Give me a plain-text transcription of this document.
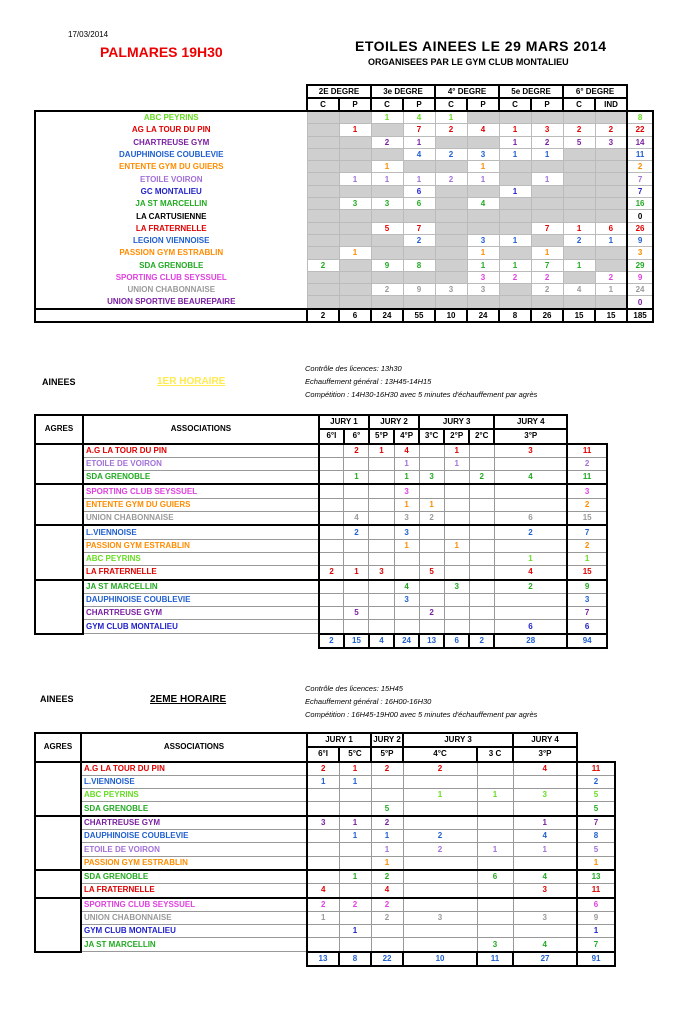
17/03/2014
PALMARES 19H30	ETOILES AINEES LE 29 MARS 2014
ORGANISEES PAR LE GYM CLUB MONTALIEU
	2E DEGRE		3e DEGRE		4° DEGRE		5e DEGRE		6° DEGRE		
	C	P	C	P	C	P	C	P	C	IND	
ABC PEYRINS			1	4	1						8
AG LA TOUR DU PIN		1		7	2	4	1	3	2	2	22
CHARTREUSE GYM			2	1			1	2	5	3	14
DAUPHINOISE COUBLEVIE				4	2	3	1	1			11
ENTENTE GYM DU GUIERS			1			1					2
ETOILE VOIRON		1	1	1	2	1		1			7
GC MONTALIEU				6			1				7
JA ST MARCELLIN		3	3	6		4					16
LA CARTUSIENNE											0
LA FRATERNELLE			5	7				7	1	6	26
LEGION VIENNOISE				2		3	1		2	1	9
PASSION GYM ESTRABLIN		1				1		1			3
SDA GRENOBLE	2		9	8		1	1	7	1		29
SPORTING CLUB SEYSSUEL						3	2	2		2	9
UNION CHABONNAISE			2	9	3	3		2	4	1	24
UNION SPORTIVE BEAUREPAIRE											0
	2	6	24	55	10	24	8	26	15	15	185
Contrôle des licences: 13h30
Echauffement général : 13H45-14H15
Compétition : 14H30-16H30 avec 5 minutes d'échauffement par agrès
AINEES	1ER HORAIRE
AGRES	ASSOCIATIONS	JURY 1		JURY 2		JURY 3			JURY 4	
		6°I	6°	5°P	4°P	3°C	2°P	2°C	3°P	
	A.G LA TOUR DU PIN		2	1	4		1		3	11
	ETOILE DE VOIRON				1		1			2
	SDA GRENOBLE		1		1	3		2	4	11
	SPORTING CLUB SEYSSUEL				3					3
	ENTENTE GYM DU GUIERS				1	1				2
	UNION CHABONNAISE		4		3	2			6	15
	L.VIENNOISE		2		3				2	7
	PASSION GYM ESTRABLIN				1		1			2
	ABC PEYRINS								1	1
	LA FRATERNELLE	2	1	3		5			4	15
	JA ST MARCELLIN				4		3		2	9
	DAUPHINOISE COUBLEVIE				3					3
	CHARTREUSE GYM		5			2				7
	GYM CLUB MONTALIEU								6	6
		2	15	4	24	13	6	2	28	94
Contrôle des licences: 15H45
Echauffement général : 16H00-16H30
Compétition : 16H45-19H00 avec 5 minutes d'échauffement par agrès
AINEES	2EME HORAIRE
AGRES	ASSOCIATIONS	JURY 1		JURY 2	JURY 3		JURY 4	
		6°I	5°C	5°P	4°C	3 C	3°P	
	A.G LA TOUR DU PIN	2	1	2	2		4	11
	L.VIENNOISE	1	1					2
	ABC PEYRINS				1	1	3	5
	SDA GRENOBLE			5				5
	CHARTREUSE GYM	3	1	2			1	7
	DAUPHINOISE COUBLEVIE		1	1	2		4	8
	ETOILE DE VOIRON			1	2	1	1	5
	PASSION GYM ESTRABLIN			1				1
	SDA GRENOBLE		1	2		6	4	13
	LA FRATERNELLE	4		4			3	11
	SPORTING CLUB SEYSSUEL	2	2	2				6
	UNION CHABONNAISE	1		2	3		3	9
	GYM CLUB MONTALIEU		1					1
	JA ST MARCELLIN					3	4	7
		13	8	22	10	11	27	91
